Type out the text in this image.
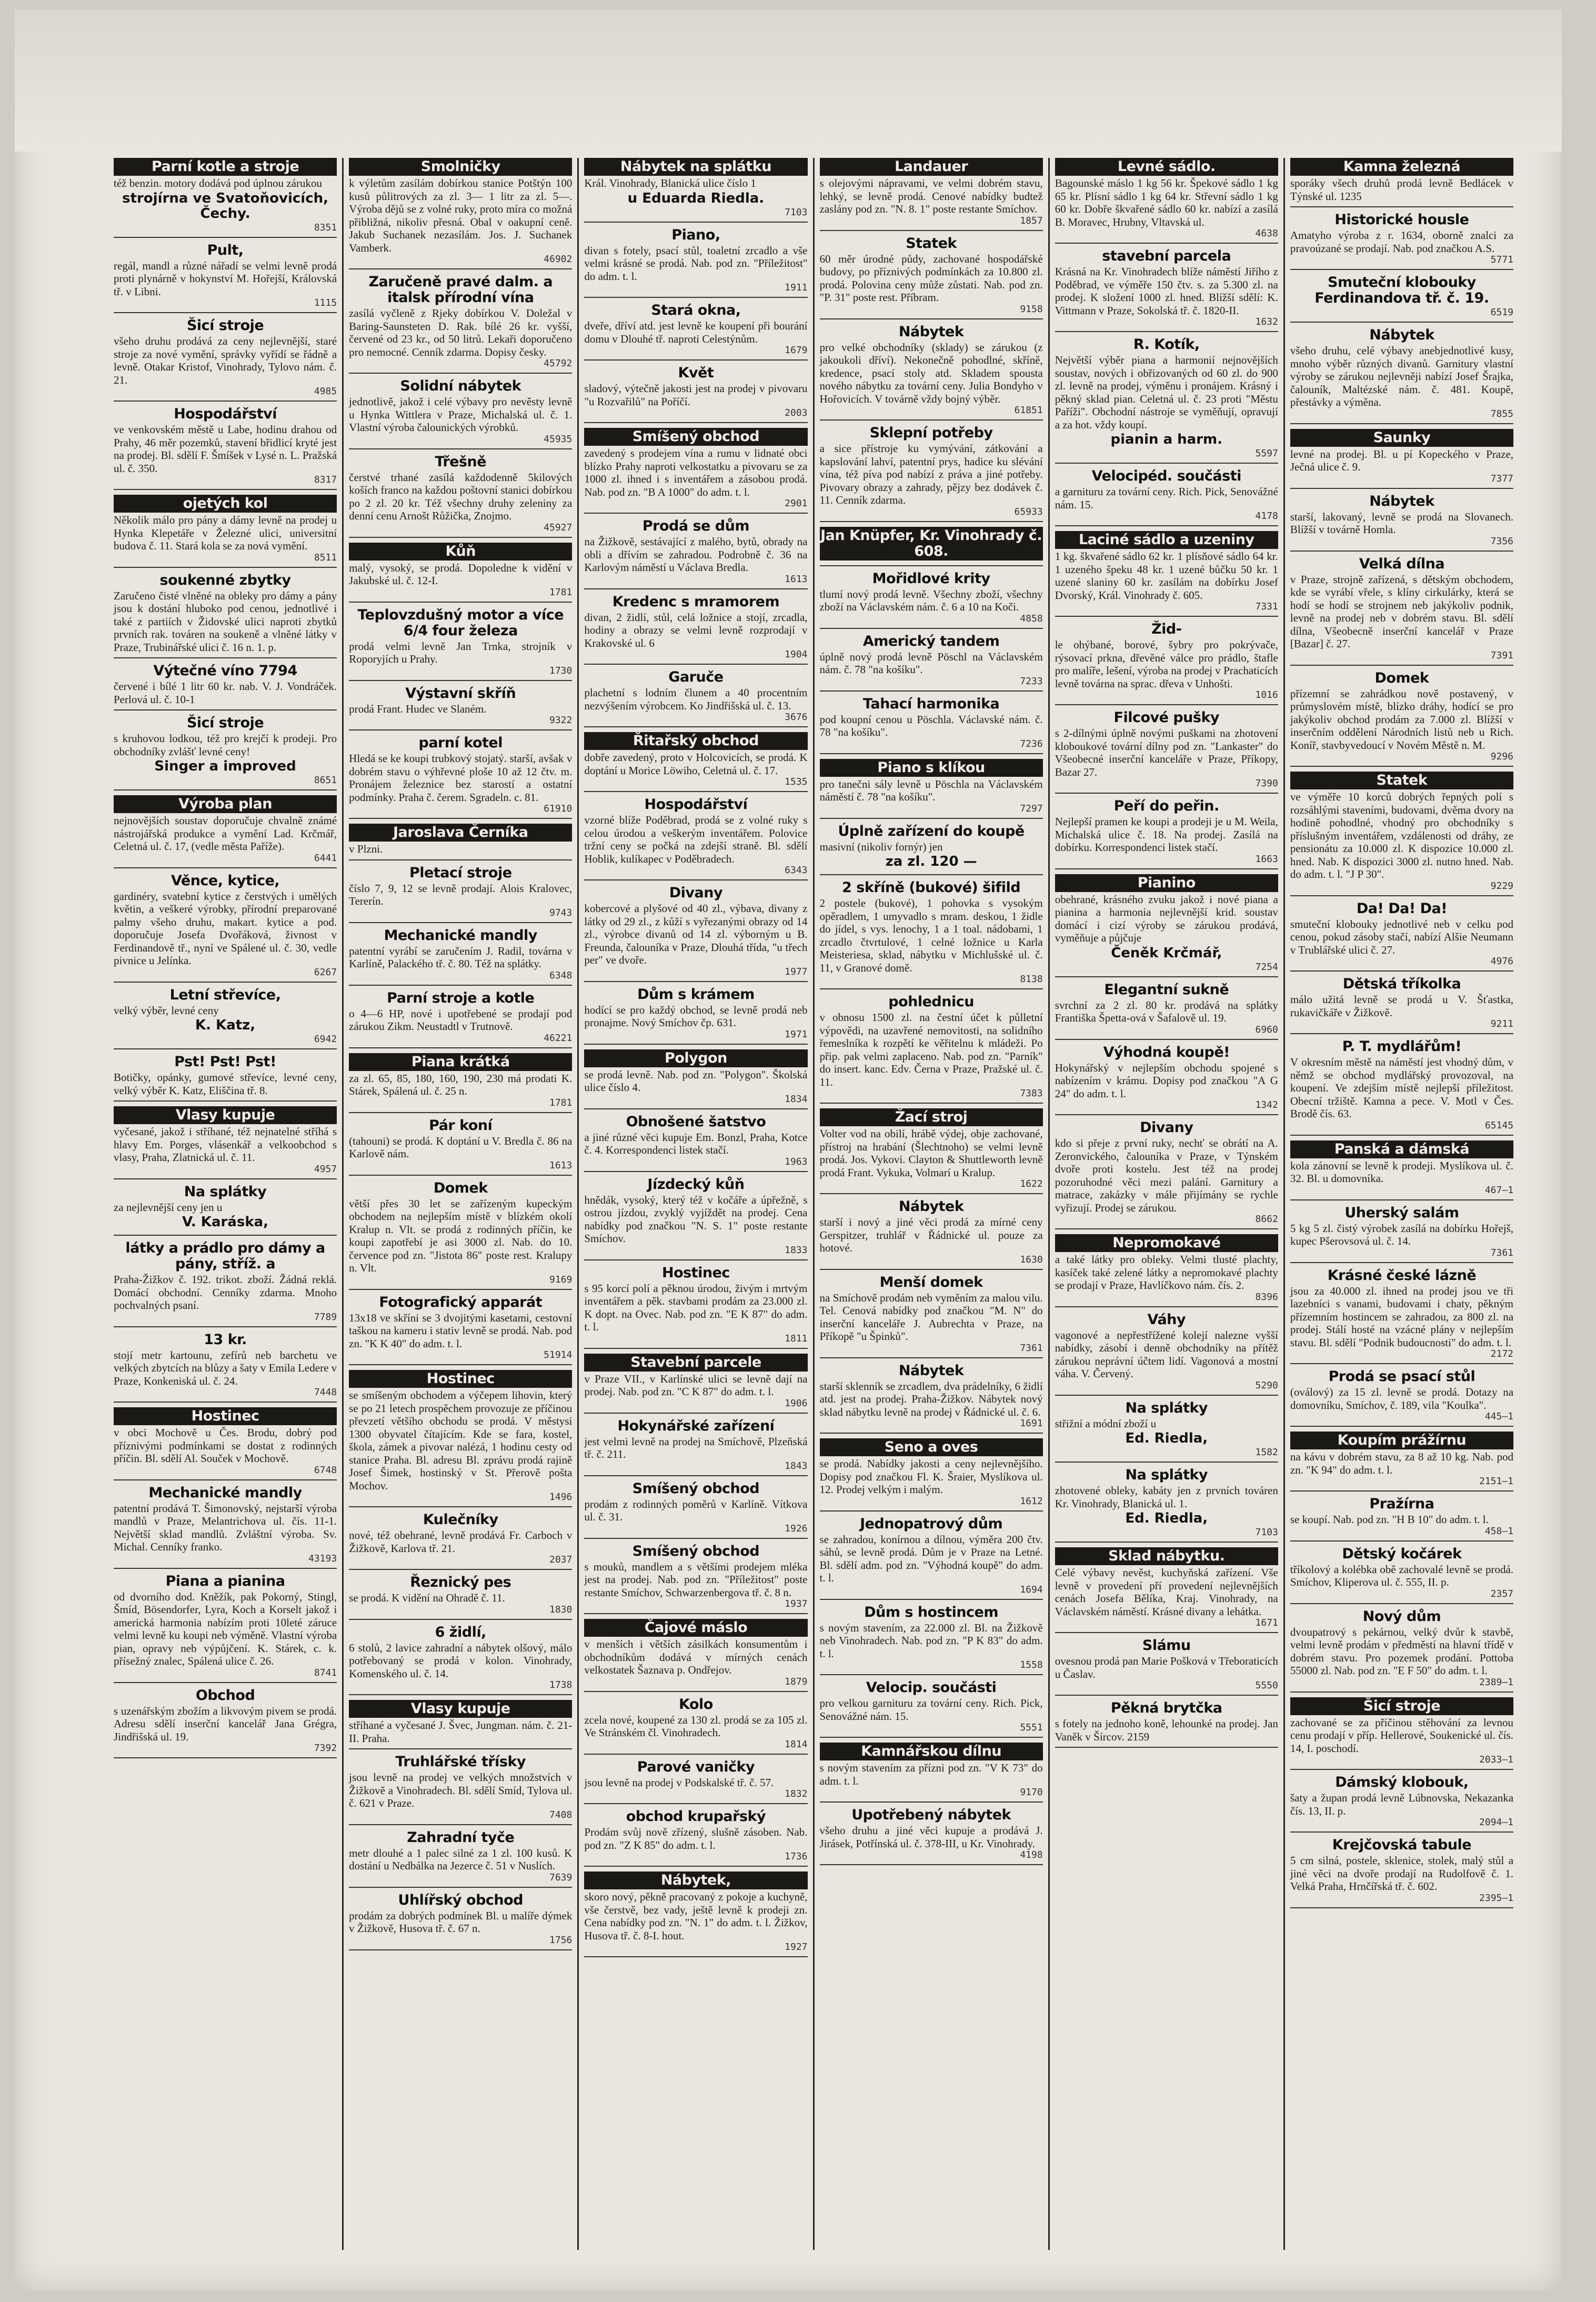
Parní kotle a stroje

též benzin. motory dodává pod úplnou zárukou

strojírna ve Svatoňovicích, Čechy.
8351
Pult,

regál, mandl a různé nářadí se velmi levně prodá proti plynárně v hokynství M. Hořejší, Královská tř. v Libni.

1115
Šicí stroje

všeho druhu prodává za ceny nejlevnější, staré stroje za nové vymění, správky vyřídí se řádně a levně. Otakar Kristof, Vinohrady, Tylovo nám. č. 21.

4985
Hospodářství

ve venkovském městě u Labe, hodinu drahou od Prahy, 46 měr pozemků, stavení břidlicí kryté jest na prodej. Bl. sdělí F. Šmíšek v Lysé n. L. Pražská ul. č. 350.

8317
ojetých kol

Několik málo pro pány a dámy levně na prodej u Hynka Klepetáře v Železné ulici, universitní budova č. 11. Stará kola se za nová vymění.

8511
soukenné zbytky

Zaručeno čisté vlněné na obleky pro dámy a pány jsou k dostání hluboko pod cenou, jednotlivé i také z partiích v Židovské ulici naproti zbytků prvních rak. továren na soukeně a vlněné látky v Praze, Trubinářské ulici č. 16 n. 1. p.

Výtečné víno 7794

červené i bílé 1 litr 60 kr. nab. V. J. Vondráček. Perlová ul. č. 10-1

Šicí stroje

s kruhovou lodkou, též pro krejčí k prodeji. Pro obchodníky zvlášť levné ceny!

Singer a improved
8651
Výroba plan

nejnovějších soustav doporučuje chvalně známé nástrojářská produkce a vymění Lad. Krčmář, Celetná ul. č. 17, (vedle města Paříže).

6441
Věnce, kytice,

gardinéry, svatební kytice z čerstvých i umělých květin, a veškeré výrobky, přírodní preparované palmy všeho druhu, makart. kytice a pod. doporučuje Josefa Dvořáková, živnost v Ferdinandově tř., nyní ve Spálené ul. č. 30, vedle pivnice u Jelínka.

6267
Letní střevíce,

velký výběr, levné ceny

K. Katz,
6942
Pst! Pst! Pst!

Botičky, opánky, gumové střevíce, levné ceny, velký výběr K. Katz, Eliščina tř. 8.

Vlasy kupuje

vyčesané, jakož i stříhané, též nejnatelné stříhá s hlavy Em. Porges, vlásenkář a velkoobchod s vlasy, Praha, Zlatnická ul. č. 11.

4957
Na splátky

za nejlevnější ceny jen u

V. Karáska,
látky a prádlo pro dámy a pány, stříž. a

Praha-Žižkov č. 192. trikot. zboží. Žádná reklá. Domácí obchodní. Cenníky zdarma. Mnoho pochvalných psaní.

7789
13 kr.

stojí metr kartounu, zefírů neb barchetu ve velkých zbytcích na blůzy a šaty v Emila Ledere v Praze, Konkeniská ul. č. 24.

7448
Hostinec

v obci Mochově u Čes. Brodu, dobrý pod příznivými podmínkami se dostat z rodinných příčin. Bl. sdělí Al. Souček v Mochově.

6748
Mechanické mandly

patentní prodává T. Šimonovský, nejstarší výroba mandlů v Praze, Melantrichova ul. čís. 11-1. Největší sklad mandlů. Zvláštní výroba. Sv. Michal. Cenníky franko.

43193
Piana a pianina

od dvorního dod. Kněžík, pak Pokorný, Stingl, Šmíd, Bösendorfer, Lyra, Koch a Korselt jakož i americká harmonia nabízím proti 10leté záruce velmi levně ku koupi neb výměně. Vlastní výroba pian, opravy neb výpůjčení. K. Stárek, c. k. přísežný znalec, Spálená ulice č. 26.

8741
Obchod

s uzenářským zbožím a likvovým pivem se prodá. Adresu sdělí inserční kancelář Jana Grégra, Jindřišská ul. 19.

7392
Smolničky

k výletům zasílám dobírkou stanice Potštýn 100 kusů půlitrových za zl. 3— 1 litr za zl. 5—. Výroba dějů se z volné ruky, proto míra co možná přibližná, nikoliv přesná. Obal v oakupní ceně. Jakub Suchanek nezasílám. Jos. J. Suchanek Vamberk.

46902
Zaručeně pravé dalm. a italsk přírodní vína

zasílá vyčleně z Rjeky dobírkou V. Doležal v Baring-Saunsteten D. Rak. bílé 26 kr. vyšší, červené od 23 kr., od 50 litrů. Lekaři doporučeno pro nemocné. Cenník zdarma. Dopisy česky.

45792
Solidní nábytek

jednotlivě, jakož i celé výbavy pro nevěsty levně u Hynka Wittlera v Praze, Michalská ul. č. 1. Vlastní výroba čalounických výrobků.

45935
Třešně

čerstvé trhané zasílá každodenně 5kilových koších franco na každou poštovní stanici dobírkou po 2 zl. 20 kr. Též všechny druhy zeleniny za denní cenu Arnošt Růžička, Znojmo.

45927
Kůň

malý, vysoký, se prodá. Dopoledne k vidění v Jakubské ul. č. 12-I.

1781
Teplovzdušný motor a více 6/4 four železa

prodá velmi levně Jan Trnka, strojník v Roporyjích u Prahy.

1730
Výstavní skříň

prodá Frant. Hudec ve Slaném.

9322
parní kotel

Hledá se ke koupi trubkový stojatý. starší, avšak v dobrém stavu o výhřevné ploše 10 až 12 čtv. m. Pronájem železnice bez starostí a ostatní podmínky. Praha č. čerem. Sgradeln. c. 81.

61910
Jaroslava Černíka

v Plzni.

Pletací stroje

číslo 7, 9, 12 se levně prodají. Alois Kralovec, Tererín.

9743
Mechanické mandly

patentní vyrábí se zaručením J. Radil, továrna v Karlíně, Palackého tř. č. 80. Též na splátky.

6348
Parní stroje a kotle

o 4—6 HP, nové i upotřebené se prodají pod zárukou Zikm. Neustadtl v Trutnově.

46221
Piana krátká

za zl. 65, 85, 180, 160, 190, 230 má prodati K. Stárek, Spálená ul. č. 25 n.

1781
Pár koní

(tahouni) se prodá. K doptání u V. Bredla č. 86 na Karlově nám.

1613
Domek

větší přes 30 let se zařízeným kupeckým obchodem na nejlepším místě v blízkém okolí Kralup n. Vlt. se prodá z rodinných příčin, ke koupi zapotřebí je asi 3000 zl. Nab. do 10. července pod zn. "Jistota 86" poste rest. Kralupy n. Vlt.

9169
Fotografický apparát

13x18 ve skříni se 3 dvojitými kasetami, cestovní taškou na kameru i stativ levně se prodá. Nab. pod zn. "K K 40" do adm. t. l.

51914
Hostinec

se smíšeným obchodem a výčepem lihovin, který se po 21 letech prospěchem provozuje ze příčinou převzetí většího obchodu se prodá. V městysi 1300 obyvatel čítajícím. Kde se fara, kostel, škola, zámek a pivovar nalézá, 1 hodinu cesty od stanice Praha. Bl. adresu Bl. zprávu prodá rajině Josef Šimek, hostinský v St. Přerově pošta Mochov.

1496
Kulečníky

nové, též obehrané, levně prodává Fr. Carboch v Žižkově, Karlova tř. 21.

2037
Řeznický pes

se prodá. K vidění na Ohradě č. 11.

1830
6 židlí,

6 stolů, 2 lavice zahradní a nábytek olšový, málo potřebovaný se prodá v kolon. Vinohrady, Komenského ul. č. 14.

1738
Vlasy kupuje

stříhané a vyčesané J. Švec, Jungman. nám. č. 21-II. Praha.

Truhlářské třísky

jsou levně na prodej ve velkých množstvích v Žižkově a Vinohradech. Bl. sdělí Smíd, Tylova ul. č. 621 v Praze.

7408
Zahradní tyče

metr dlouhé a 1 palec silné za 1 zl. 100 kusů. K dostání u Nedbálka na Jezerce č. 51 v Nuslích.

7639
Uhlířský obchod

prodám za dobrých podmínek Bl. u malíře dýmek v Žižkově, Husova tř. č. 67 n.

1756
Nábytek na splátku

Král. Vinohrady, Blanická ulice číslo 1

u Eduarda Riedla.
7103
Piano,

divan s fotely, psací stůl, toaletní zrcadlo a vše velmi krásné se prodá. Nab. pod zn. "Příležitost" do adm. t. l.

1911
Stará okna,

dveře, dříví atd. jest levně ke koupení při bourání domu v Dlouhé tř. naproti Celestýnům.

1679
Květ

sladový, výtečně jakosti jest na prodej v pivovaru "u Rozvařilů" na Poříčí.

2003
Smíšený obchod

zavedený s prodejem vína a rumu v lidnaté obci blízko Prahy naproti velkostatku a pivovaru se za 1000 zl. ihned i s inventářem a zásobou prodá. Nab. pod zn. "B A 1000" do adm. t. l.

2901
Prodá se dům

na Žižkově, sestávající z malého, bytů, obrady na obli a dřívím se zahradou. Podrobně č. 36 na Karlovým náměstí u Václava Bredla.

1613
Kredenc s mramorem

divan, 2 židlí, stůl, celá ložnice a stojí, zrcadla, hodiny a obrazy se velmi levně rozprodají v Krakovské ul. 6

1904
Garuče

plachetní s lodním člunem a 40 procentním nezvýšením výrobcem. Ko Jindřišská ul. č. 13.

3676
Řitařský obchod

dobře zavedený, proto v Holcovicích, se prodá. K doptání u Morice Löwiho, Celetná ul. č. 17.

1535
Hospodářství

vzorné blíže Poděbrad, prodá se z volné ruky s celou úrodou a veškerým inventářem. Polovice tržní ceny se počká na zdejší straně. Bl. sdělí Hoblik, kulíkapec v Poděbradech.

6343
Divany

kobercové a plyšové od 40 zl., výbava, divany z látky od 29 zl., z kůží s vyřezanými obrazy od 14 zl., výrobce divanů od 14 zl. výborným u B. Freunda, čalouníka v Praze, Dlouhá třída, "u třech per" ve dvoře.

1977
Dům s krámem

hodící se pro každý obchod, se levně prodá neb pronajme. Nový Smíchov čp. 631.

1971
Polygon

se prodá levně. Nab. pod zn. "Polygon". Školská ulice číslo 4.

1834
Obnošené šatstvo

a jiné různé věci kupuje Em. Bonzl, Praha, Kotce č. 4. Korrespondenci listek stačí.

1963
Jízdecký kůň

hnědák, vysoký, který též v kočáře a úpřežně, s ostrou jízdou, zvyklý vyjíždět na prodej. Cena nabídky pod značkou "N. S. 1" poste restante Smíchov.

1833
Hostinec

s 95 korcí polí a pěknou úrodou, živým i mrtvým inventářem a pěk. stavbami prodám za 23.000 zl. K dopt. na Ovec. Nab. pod zn. "E K 87" do adm. t. l.

1811
Stavební parcele

v Praze VII., v Karlínské ulici se levně dají na prodej. Nab. pod zn. "C K 87" do adm. t. l.

1906
Hokynářské zařízení

jest velmi levně na prodej na Smíchově, Plzeňská tř. č. 211.

1843
Smíšený obchod

prodám z rodinných poměrů v Karlíně. Vítkova ul. č. 31.

1926
Smíšený obchod

s mouků, mandlem a s většími prodejem mléka jest na prodej. Nab. pod zn. "Příležitost" poste restante Smíchov, Schwarzenbergova tř. č. 8 n.

1937
Čajové máslo

v menších i větších zásilkách konsumentům i obchodníkům dodává v mírných cenách velkostatek Šaznava p. Ondřejov.

1879
Kolo

zcela nové, koupené za 130 zl. prodá se za 105 zl. Ve Stránském čl. Vinohradech.

1814
Parové vaničky

jsou levně na prodej v Podskalské tř. č. 57.

1832
obchod krupařský

Prodám svůj nově zřízený, slušně zásoben. Nab. pod zn. "Z K 85" do adm. t. l.

1736
Nábytek,

skoro nový, pěkně pracovaný z pokoje a kuchyně, vše čerstvě, bez vady, ještě levně k prodeji zn. Cena nabídky pod zn. "N. 1" do adm. t. l. Žižkov, Husova tř. č. 8-I. hout.

1927
Landauer

s olejovými nápravami, ve velmi dobrém stavu, lehký, se levně prodá. Cenové nabídky budtež zaslány pod zn. "N. 8. 1" poste restante Smíchov.

1857
Statek

60 měr úrodné půdy, zachované hospodářské budovy, po příznivých podmínkách za 10.800 zl. prodá. Polovina ceny může zůstati. Nab. pod zn. "P. 31" poste rest. Příbram.

9158
Nábytek

pro velké obchodníky (sklady) se zárukou (z jakoukoli dříví). Nekonečně pohodlné, skříně, kredence, psací stoly atd. Skladem spousta nového nábytku za tovární ceny. Julia Bondyho v Hořovicích. V továrně vždy bojný výběr.

61851
Sklepní potřeby

a sice přístroje ku vymývání, zátkování a kapslování lahví, patentní prys, hadice ku slévání vína, též píva pod nabízí z práva a jiné potřeby. Pivovary obrazy a zahrady, pějzy bez dodávek č. 11. Cenník zdarma.

65933
Jan Knüpfer, Kr. Vinohrady č. 608.
Mořidlové krity

tlumí nový prodá levně. Všechny zboží, všechny zboží na Václavském nám. č. 6 a 10 na Koči.

4858
Americký tandem

úplně nový prodá levně Pöschl na Václavském nám. č. 78 "na košíku".

7233
Tahací harmonika

pod koupní cenou u Pöschla. Václavské nám. č. 78 "na košíku".

7236
Piano s klíkou

pro tanečni sály levně u Pöschla na Václavském náměstí č. 78 "na košíku".

7297
Úplně zařízení do koupě

masivní (nikoliv fornýr) jen

za zl. 120 —
2 skříně (bukové) šifild

2 postele (bukové), 1 pohovka s vysokým opěradlem, 1 umyvadlo s mram. deskou, 1 židle do jídel, s vys. lenochy, 1 a 1 toal. nádobami, 1 zrcadlo čtvrtulové, 1 celné ložnice u Karla Meisteriesa, sklad, nábytku v Michlušské ul. č. 11, v Granové domě.

8138
pohlednicu

v obnosu 1500 zl. na čestní účet k půlletní výpovědi, na uzavřené nemovitosti, na solidního řemeslníka k rozpětí ke věřitelnu k mládeži. Po přip. pak velmi zaplaceno. Nab. pod zn. "Parník" do insert. kanc. Edv. Černa v Praze, Pražské ul. č. 11.

7383
Žací stroj

Volter vod na obilí, hrábě výdej, obje zachované, přístroj na hrabání (Šlechtnoho) se velmi levně prodá. Jos. Vykovi. Clayton & Shuttleworth levně prodá Frant. Vykuka, Volmarí u Kralup.

1622
Nábytek

starší i nový a jiné věci prodá za mírné ceny Gerspitzer, truhlář v Řádnické ul. pouze za hotové.

1630
Menší domek

na Smíchově prodám neb vyměním za malou vilu. Tel. Cenová nabídky pod značkou "M. N" do inserční kanceláře J. Aubrechta v Praze, na Příkopě "u Špinků".

7361
Nábytek

starší sklenník se zrcadlem, dva prádelníky, 6 židlí atd. jest na prodej. Praha-Žižkov. Nábytek nový sklad nábytku levně na prodej v Řádnické ul. č. 6.

1691
Seno a oves

se prodá. Nabídky jakosti a ceny nejlevnějšího. Dopisy pod značkou Fl. K. Šraier, Myslíkova ul. 12. Prodej velkým i malým.

1612
Jednopatrový dům

se zahradou, konírnou a dílnou, výměra 200 čtv. sáhů, se levně prodá. Dům je v Praze na Letné. Bl. sdělí adm. pod zn. "Výhodná koupě" do adm. t. l.

1694
Dům s hostincem

s novým stavením, za 22.000 zl. Bl. na Žižkově neb Vinohradech. Nab. pod zn. "P K 83" do adm. t. l.

1558
Velocip. součásti

pro velkou garnituru za tovární ceny. Rich. Pick, Senovážné nám. 15.

5551
Kamnářskou dílnu

s novým stavením za přízni pod zn. "V K 73" do adm. t. l.

9170
Upotřebený nábytek

všeho druhu a jiné věci kupuje a prodává J. Jirásek, Potřínská ul. č. 378-III, u Kr. Vinohrady.

4198
Levné sádlo.

Bagounské máslo 1 kg 56 kr. Špekové sádlo 1 kg 65 kr. Plísní sádlo 1 kg 64 kr. Střevní sádlo 1 kg 60 kr. Dobře škvařené sádlo 60 kr. nabízí a zasílá B. Moravec, Hrubny, Vltavská ul.

4638
stavební parcela

Krásná na Kr. Vinohradech blíže náměstí Jiřího z Poděbrad, ve výměře 150 čtv. s. za 5.300 zl. na prodej. K složení 1000 zl. hned. Blížší sdělí: K. Vittmann v Praze, Sokolská tř. č. 1820-II.

1632
R. Kotík,

Největší výběr piana a harmonií nejnovějších soustav, nových i obřizovaných od 60 zl. do 900 zl. levně na prodej, výměnu i pronájem. Krásný i pěkný sklad pian. Celetná ul. č. 23 proti "Městu Paříži". Obchodní nástroje se vyměňují, opravují a za hot. vždy koupí.

pianin a harm.
5597
Velocipéd. součásti

a garnituru za tovární ceny. Rich. Pick, Senovážné nám. 15.

4178
Laciné sádlo a uzeniny

1 kg. škvařené sádlo 62 kr. 1 plísňové sádlo 64 kr. 1 uzeného špeku 48 kr. 1 uzené bůčku 50 kr. 1 uzené slaniny 60 kr. zasílám na dobírku Josef Dvorský, Král. Vinohrady č. 605.

7331
Žid-

le ohýbané, borové, šybry pro pokrývače, rýsovací prkna, dřevěné válce pro prádlo, štafle pro malíře, lešení, výroba na prodej v Prachaticích levně továrna na sprac. dřeva v Unhošti.

1016
Filcové pušky

s 2-dílnými úplně novými puškami na zhotovení kloboukové tovární dílny pod zn. "Lankaster" do Všeobecné inserční kanceláře v Praze, Příkopy, Bazar 27.

7390
Peří do peřin.

Nejlepší pramen ke koupi a prodeji je u M. Weila, Michalská ulice č. 18. Na prodej. Zasílá na dobírku. Korrespondenci listek stačí.

1663
Pianino

obehrané, krásného zvuku jakož i nové piana a pianina a harmonia nejlevnější krid. soustav domácí i cizí výroby se zárukou prodává, vyměňuje a půjčuje

Čeněk Krčmář,
7254
Elegantní sukně

svrchní za 2 zl. 80 kr. prodává na splátky Františka Špetta-ová v Šafalově ul. 19.

6960
Výhodná koupě!

Hokynářský v nejlepším obchodu spojené s nabízením v krámu. Dopisy pod značkou "A G 24" do adm. t. l.

1342
Divany

kdo si přeje z první ruky, nechť se obrátí na A. Zeronvického, čalouníka v Praze, v Týnském dvoře proti kostelu. Jest též na prodej pozoruhodné věci mezi palání. Garnitury a matrace, zakázky v mále přijímány se rychle vyřizují. Prodej se zárukou.

8662
Nepromokavé

a také látky pro obleky. Velmi tlusté plachty, kasíček také zelené látky a nepromokavé plachty se prodají v Praze, Havlíčkovo nám. čís. 2.

8396
Váhy

vagonové a nepřestřížené kolejí nalezne vyšší nabídky, zásobí i denně obchodníky na přítěž zárukou neprávní účtem lidí. Vagonová a mostní váha. V. Červený.

5290
Na splátky

střižní a módní zboží u

Ed. Riedla,
1582
Na splátky

zhotovené obleky, kabáty jen z prvních továren Kr. Vinohrady, Blanická ul. 1.

Ed. Riedla,
7103
Sklad nábytku.

Celé výbavy nevěst, kuchyňská zařízení. Vše levně v provedení pří provedení nejlevnějších cenách Josefa Bělíka, Kraj. Vinohrady, na Václavském náměstí. Krásné divany a lehátka.

1671
Slámu

ovesnou prodá pan Marie Pošková v Třeboraticích u Časlav.

5550
Pěkná brytčka

s fotely na jednoho koně, lehounké na prodej. Jan Vaněk v Šírcov. 2159

Kamna železná

sporáky všech druhů prodá levně Bedlácek v Týnské ul. 1235

Historické housle

Amatyho výroba z r. 1634, oborně znalci za pravoúzané se prodají. Nab. pod značkou A.S.

5771
Smuteční klobouky Ferdinandova tř. č. 19.
6519
Nábytek

všeho druhu, celé výbavy anebjednotlivé kusy, mnoho výběr různých divanů. Garnitury vlastní výroby se zárukou nejlevněji nabízí Josef Šrajka, čalouník, Maltézské nám. č. 481. Koupě, přestávky a výměna.

7855
Saunky

levné na prodej. Bl. u pí Kopeckého v Praze, Ječná ulice č. 9.

7377
Nábytek

starší, lakovaný, levně se prodá na Slovanech. Blížší v továrně Homla.

7356
Velká dílna

v Praze, strojně zařízená, s dětským obchodem, kde se vyrábí vřele, s klíny cirkulárky, která se hodí se hodí se strojnem neb jakýkoliv podnik, levně na prodej neb v dobrém stavu. Bl. sdělí dílna, Všeobecně inserční kancelář v Praze [Bazar] č. 27.

7391
Domek

přízemní se zahrádkou nově postavený, v průmyslovém místě, blízko dráhy, hodící se pro jakýkoliv obchod prodám za 7.000 zl. Blížší v inserčním oddělení Národních listů neb u Rich. Koníř, stavbyvedoucí v Novém Městě n. M.

9296
Statek

ve výměře 10 korců dobrých řepných polí s rozsáhlými staveními, budovami, dvěma dvory na hodině pohodlné, vhodný pro obchodníky s příslušným inventářem, vzdálenosti od dráhy, ze pensionátu za 10.000 zl. K dispozice 10.000 zl. hned. Nab. K dispozici 3000 zl. nutno hned. Nab. do adm. t. l. "J P 30".

9229
Da! Da! Da!

smuteční klobouky jednotlivé neb v celku pod cenou, pokud zásoby stačí, nabízí Alšie Neumann v Trublářské ulici č. 27.

4976
Dětská tříkolka

málo užitá levně se prodá u V. Šťastka, rukavičkáře v Žižkově.

9211
P. T. mydlářům!

V okresním městě na náměstí jest vhodný dům, v němž se obchod mydlářský provozoval, na koupení. Ve zdejším místě nejlepší příležitost. Obecní tržiště. Kamna a pece. V. Motl v Čes. Brodě čís. 63.

65145
Panská a dámská

kola zánovní se levně k prodeji. Myslíkova ul. č. 32. Bl. u domovníka.

467—1
Uherský salám

5 kg 5 zl. čistý výrobek zasílá na dobírku Hořejš, kupec Pšerovsová ul. č. 14.

7361
Krásné české lázně

jsou za 40.000 zl. ihned na prodej jsou ve tři lazebníci s vanami, budovami i chaty, pěkným přízemním hostincem se zahradou, za 800 zl. na prodej. Stálí hosté na vzácné plány v nejlepším stavu. Bl. sdělí "Podnik budoucnosti" do adm. t. l.

2172
Prodá se psací stůl

(oválový) za 15 zl. levně se prodá. Dotazy na domovníku, Smíchov, č. 189, vila "Koulka".

445—1
Koupím prážírnu

na kávu v dobrém stavu, za 8 až 10 kg. Nab. pod zn. "K 94" do adm. t. l.

2151—1
Pražírna

se koupí. Nab. pod zn. "H B 10" do adm. t. l.

458—1
Dětský kočárek

tříkolový a kolébka obě zachovalé levně se prodá. Smíchov, Kliperova ul. č. 555, II. p.

2357
Nový dům

dvoupatrový s pekárnou, velký dvůr k stavbě, velmi levně prodám v předměstí na hlavní třídě v dobrém stavu. Pro pozemek prodání. Pottoba 55000 zl. Nab. pod zn. "E F 50" do adm. t. l.

2389—1
Šicí stroje

zachované se za příčinou stěhování za levnou cenu prodají v příp. Hellerové, Soukenické ul. čís. 14, I. poschodí.

2033—1
Dámský klobouk,

šaty a župan prodá levně Lúbnovska, Nekazanka čís. 13, II. p.

2094—1
Krejčovská tabule

5 cm silná, postele, sklenice, stolek, malý stůl a jiné věci na dvoře prodají na Rudolfově č. 1. Velká Praha, Hrnčířská tř. č. 602.

2395—1
